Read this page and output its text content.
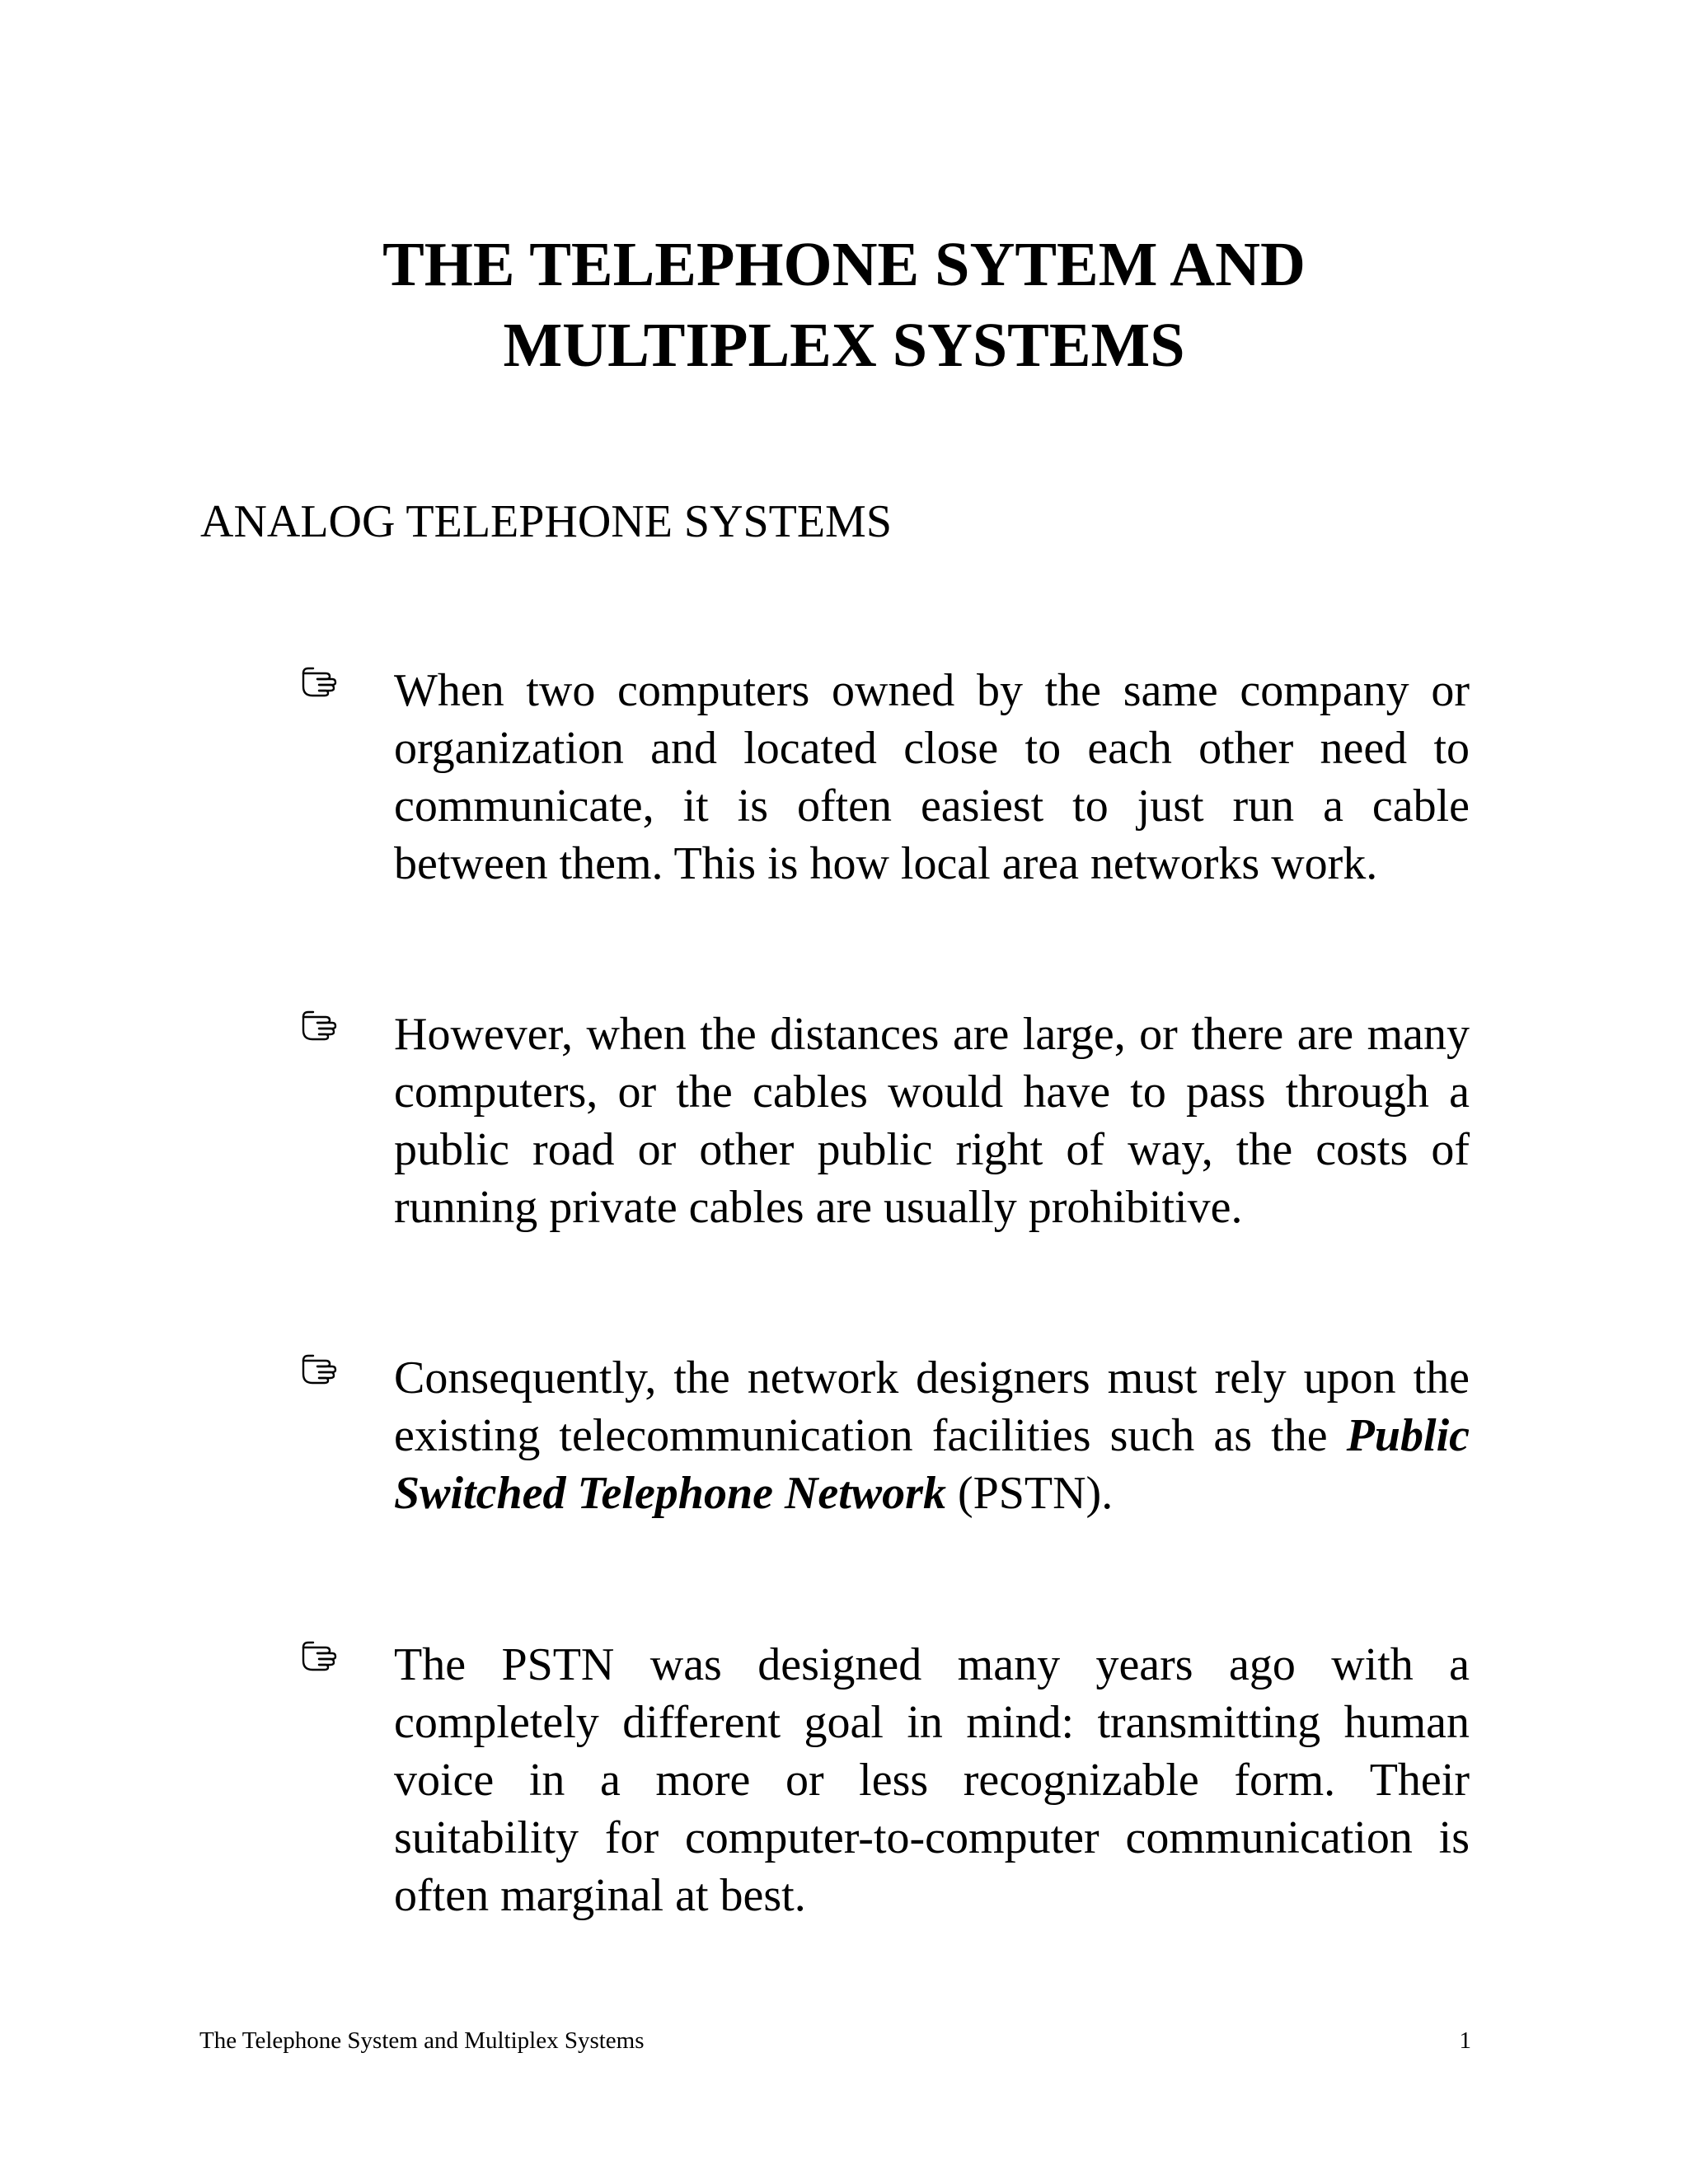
THE TELEPHONE SYTEM AND
MULTIPLEX SYSTEMS
ANALOG TELEPHONE SYSTEMS

When two computers owned by the same company or organization and located close to each other need to communicate, it is often easiest to just run a cable between them. This is how local area networks work.

However, when the distances are large, or there are many computers, or the cables would have to pass through a public road or other public right of way, the costs of running private cables are usually prohibitive.

Consequently, the network designers must rely upon the existing telecommunication facilities such as the Public Switched Telephone Network (PSTN).

The PSTN was designed many years ago with a completely different goal in mind: transmitting human voice in a more or less recognizable form. Their suitability for computer-to-computer communication is often marginal at best.

The Telephone System and Multiplex Systems	1
